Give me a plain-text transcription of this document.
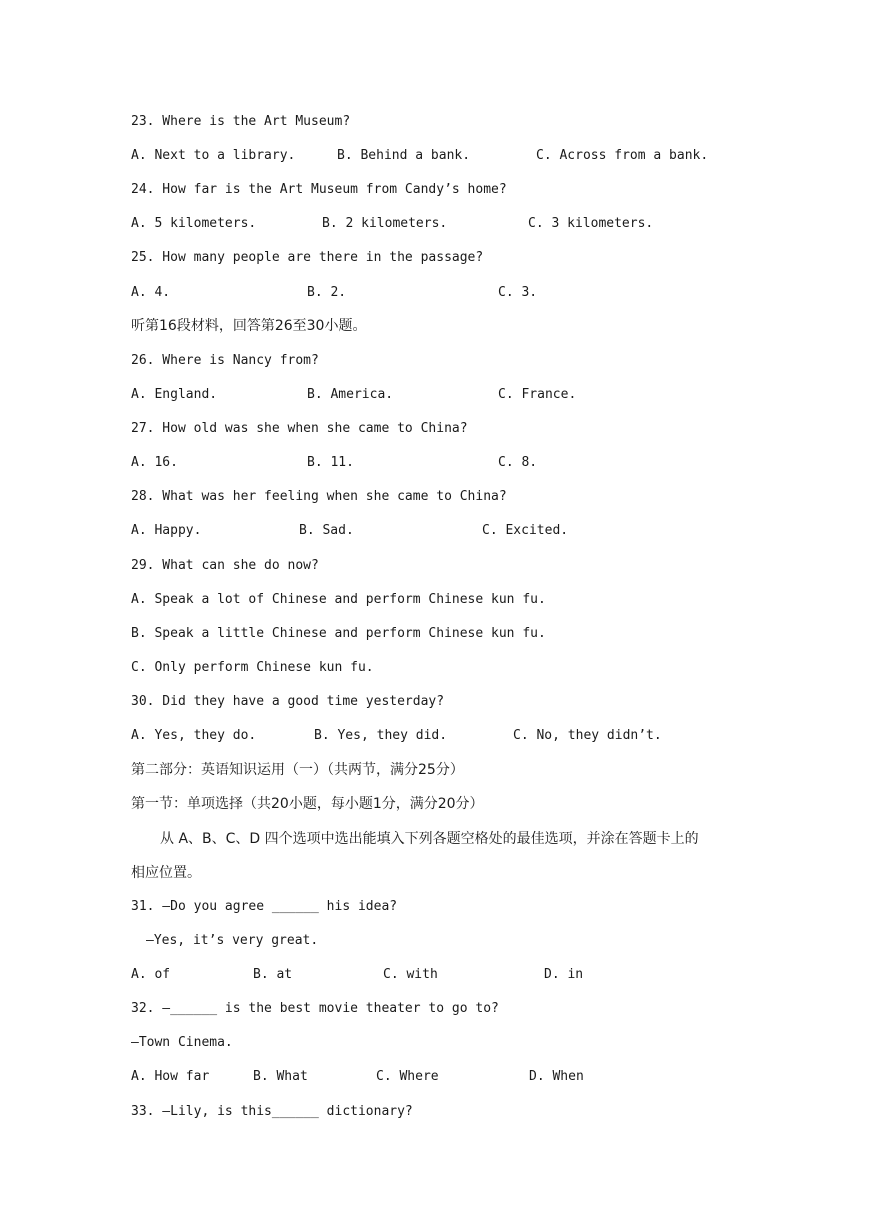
23. Where is the Art Museum?

A. Next to a library.

	B. Behind a bank.

	C. Across from a bank.

24. How far is the Art Museum from Candy’s home?

A. 5 kilometers.

	B. 2 kilometers.

	C. 3 kilometers.

25. How many people are there in the passage?

A. 4.

	B. 2.

	C. 3.

听第16段材料，回答第26至30小题。

26. Where is Nancy from?

A. England.

	B. America.

	C. France.

27. How old was she when she came to China?

A. 16.

	B. 11.

	C. 8.

28. What was her feeling when she came to China?

A. Happy.

	B. Sad.

	C. Excited.

29. What can she do now?

A. Speak a lot of Chinese and perform Chinese kun fu.

B. Speak a little Chinese and perform Chinese kun fu.

C. Only perform Chinese kun fu.

30. Did they have a good time yesterday?

A. Yes, they do.

	B. Yes, they did.

	C. No, they didn’t.

第二部分：英语知识运用（一）（共两节，满分25分）

第一节：单项选择（共20小题，每小题1分，满分20分）

从 A、B、C、D 四个选项中选出能填入下列各题空格处的最佳选项，并涂在答题卡上的

相应位置。

31. —Do you agree ______ his idea?

—Yes, it’s very great.

A. of

	B. at

	C. with

	D. in

32. —______ is the best movie theater to go to?

—Town Cinema.

A. How far

	B. What

	C. Where

	D. When

33. —Lily, is this______ dictionary?
